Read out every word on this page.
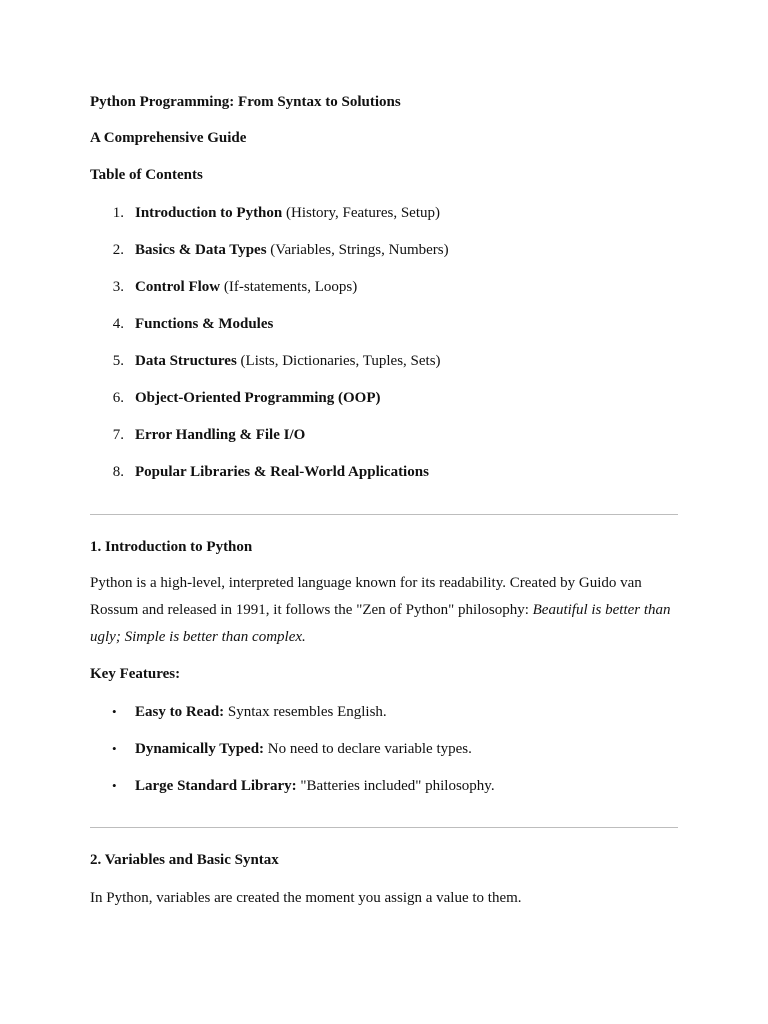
Python Programming: From Syntax to Solutions
A Comprehensive Guide
Table of Contents
1. Introduction to Python (History, Features, Setup)
2. Basics & Data Types (Variables, Strings, Numbers)
3. Control Flow (If-statements, Loops)
4. Functions & Modules
5. Data Structures (Lists, Dictionaries, Tuples, Sets)
6. Object-Oriented Programming (OOP)
7. Error Handling & File I/O
8. Popular Libraries & Real-World Applications
1. Introduction to Python

Python is a high-level, interpreted language known for its readability. Created by Guido van Rossum and released in 1991, it follows the "Zen of Python" philosophy: Beautiful is better than ugly; Simple is better than complex.

Key Features:
• Easy to Read: Syntax resembles English.
• Dynamically Typed: No need to declare variable types.
• Large Standard Library: "Batteries included" philosophy.
2. Variables and Basic Syntax
In Python, variables are created the moment you assign a value to them.
